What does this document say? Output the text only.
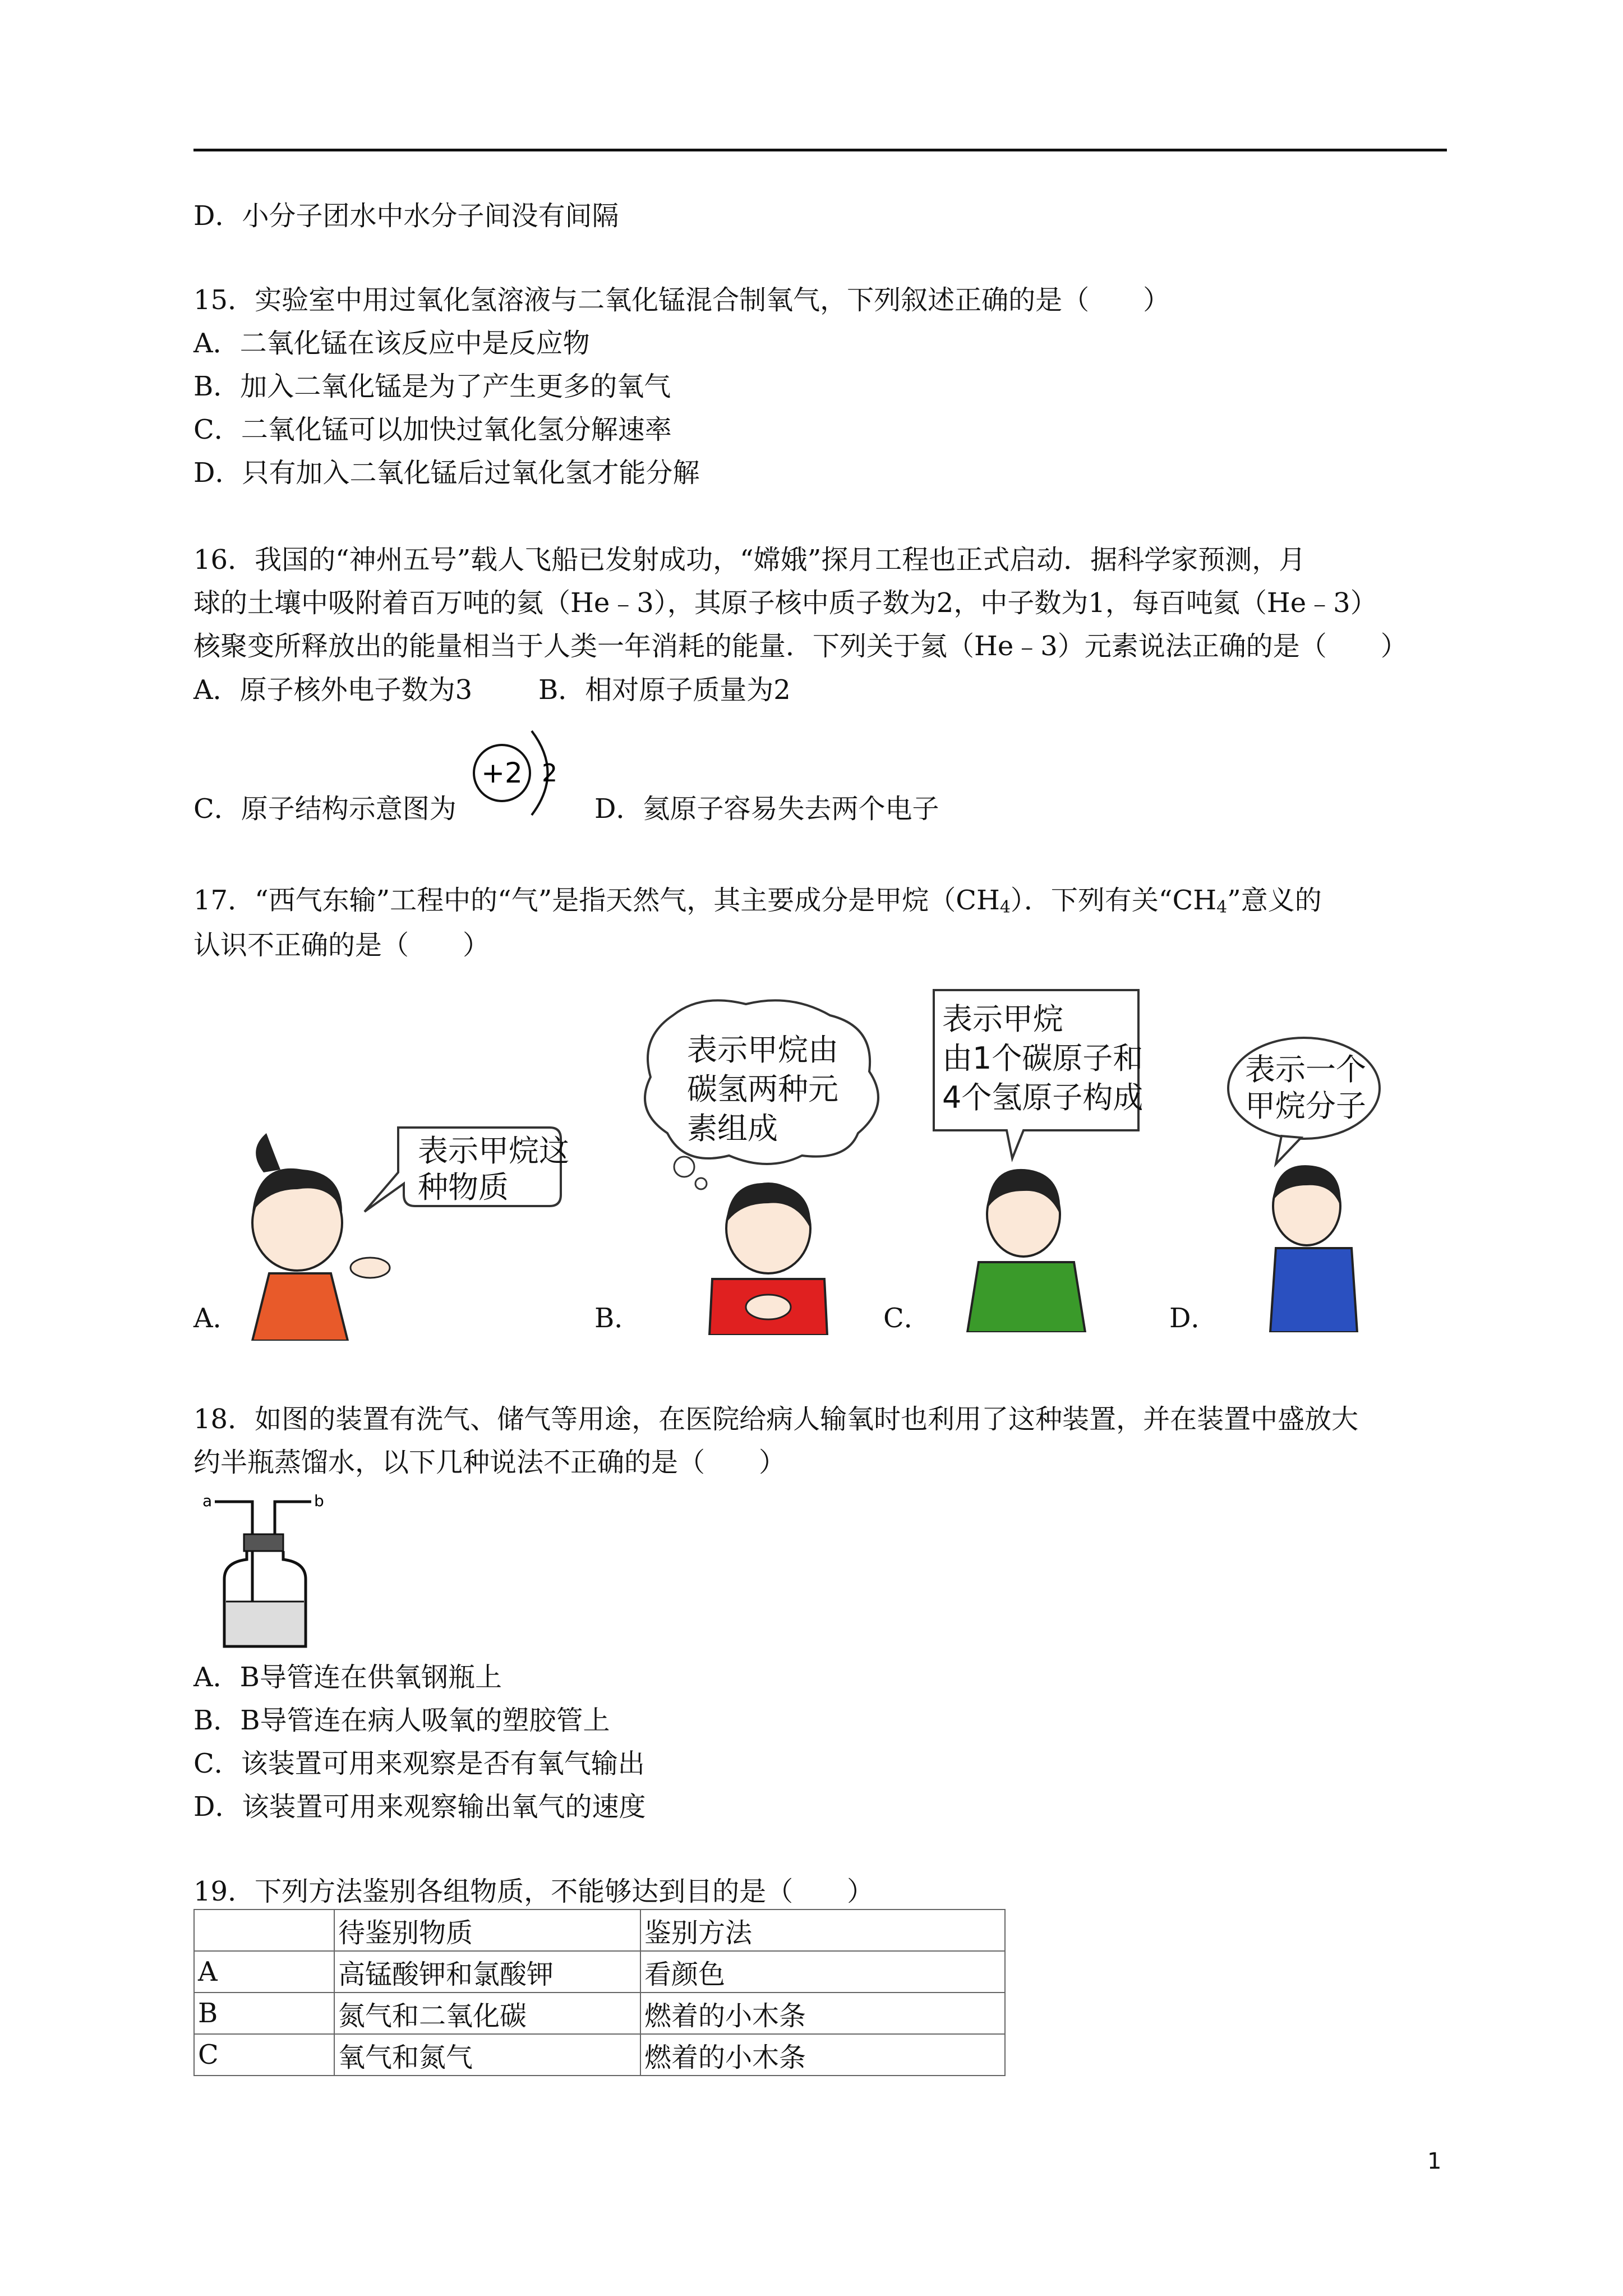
D．小分子团水中水分子间没有间隔
15．实验室中用过氧化氢溶液与二氧化锰混合制氧气，下列叙述正确的是（　　）
A．二氧化锰在该反应中是反应物
B．加入二氧化锰是为了产生更多的氧气
C．二氧化锰可以加快过氧化氢分解速率
D．只有加入二氧化锰后过氧化氢才能分解
16．我国的“神州五号”载人飞船已发射成功，“嫦娥”探月工程也正式启动．据科学家预测，月
球的土壤中吸附着百万吨的氦（He﹣3），其原子核中质子数为2，中子数为1，每百吨氦（He﹣3）
核聚变所释放出的能量相当于人类一年消耗的能量．下列关于氦（He﹣3）元素说法正确的是（　　）
A．原子核外电子数为3 B．相对原子质量为2
C．原子结构示意图为
+2 2
D．氦原子容易失去两个电子
17．“西气东输”工程中的“气”是指天然气，其主要成分是甲烷$(CH_4)$．下列有关“$CH_4$”意义的
认识不正确的是（　　）
表示甲烷这
种物质
表示甲烷由
碳氢两种元
素组成
表示甲烷
由1个碳原子和
4个氢原子构成
表示一个
甲烷分子
A．	B．	C．	D．
18．如图的装置有洗气、储气等用途，在医院给病人输氧时也利用了这种装置，并在装置中盛放大
约半瓶蒸馏水，以下几种说法不正确的是（　　）
a	b
A．B导管连在供氧钢瓶上
B．B导管连在病人吸氧的塑胶管上
C．该装置可用来观察是否有氧气输出
D．该装置可用来观察输出氧气的速度
19．下列方法鉴别各组物质，不能够达到目的是（　　）
	待鉴别物质	鉴别方法
A	高锰酸钾和氯酸钾	看颜色
B	氮气和二氧化碳	燃着的小木条
C	氧气和氮气	燃着的小木条
1
